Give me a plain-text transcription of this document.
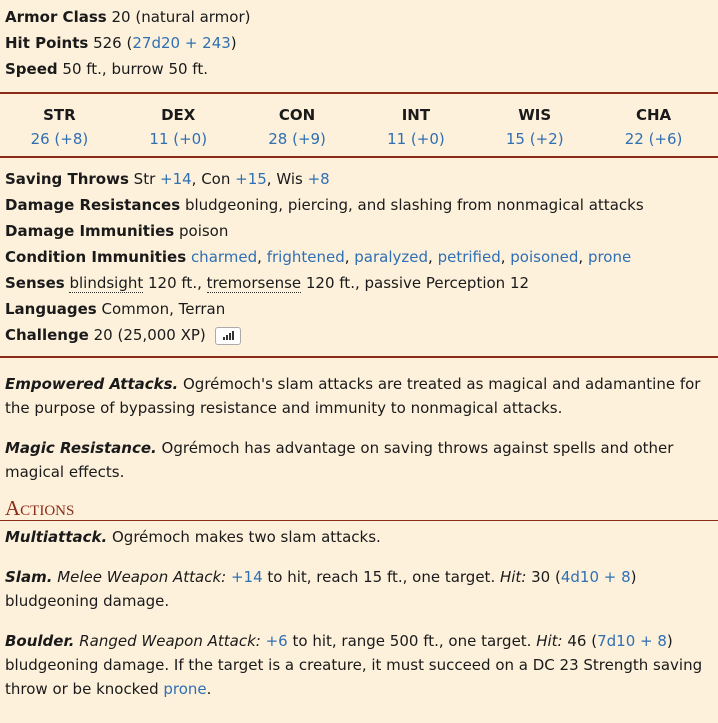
Armor Class 20 (natural armor)
Hit Points 526 (27d20 + 243)
Speed 50 ft., burrow 50 ft.
STR
26 (+8)
DEX
11 (+0)
CON
28 (+9)
INT
11 (+0)
WIS
15 (+2)
CHA
22 (+6)
Saving Throws Str +14, Con +15, Wis +8
Damage Resistances bludgeoning, piercing, and slashing from nonmagical attacks
Damage Immunities poison
Condition Immunities charmed, frightened, paralyzed, petrified, poisoned, prone
Senses blindsight 120 ft., tremorsense 120 ft., passive Perception 12
Languages Common, Terran
Challenge 20 (25,000 XP)
Empowered Attacks. Ogrémoch's slam attacks are treated as magical and adamantine for the purpose of bypassing resistance and immunity to nonmagical attacks.
Magic Resistance. Ogrémoch has advantage on saving throws against spells and other magical effects.
Actions
Multiattack. Ogrémoch makes two slam attacks.
Slam. Melee Weapon Attack: +14 to hit, reach 15 ft., one target. Hit: 30 (4d10 + 8) bludgeoning damage.
Boulder. Ranged Weapon Attack: +6 to hit, range 500 ft., one target. Hit: 46 (7d10 + 8) bludgeoning damage. If the target is a creature, it must succeed on a DC 23 Strength saving throw or be knocked prone.
